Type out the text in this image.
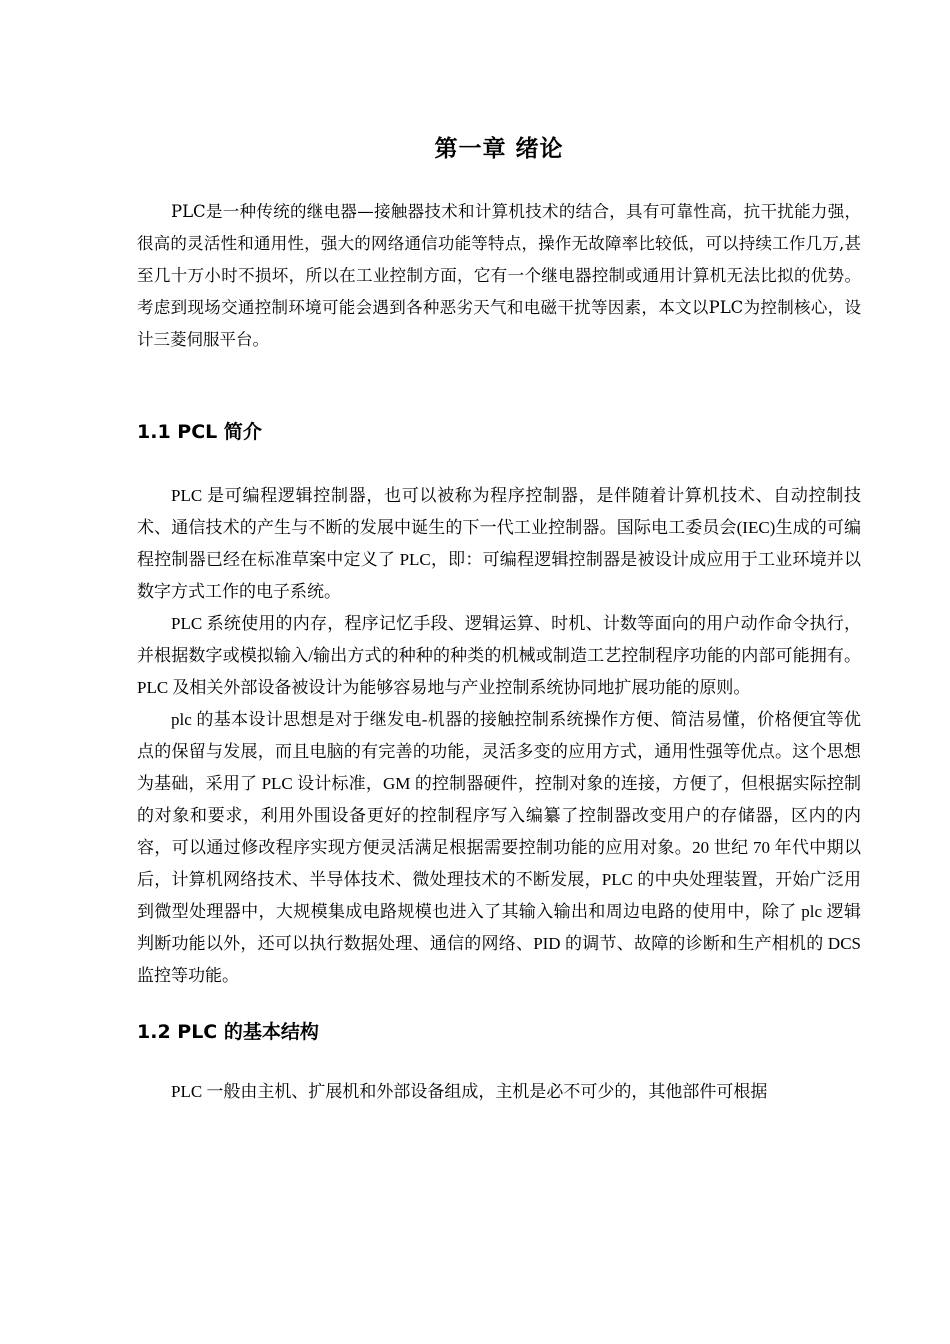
第一章 绪论

PLC是一种传统的继电器—接触器技术和计算机技术的结合，具有可靠性高，抗干扰能力强，很高的灵活性和通用性，强大的网络通信功能等特点，操作无故障率比较低，可以持续工作几万,甚至几十万小时不损坏，所以在工业控制方面，它有一个继电器控制或通用计算机无法比拟的优势。考虑到现场交通控制环境可能会遇到各种恶劣天气和电磁干扰等因素，本文以PLC为控制核心，设计三菱伺服平台。

1.1 PCL 简介

PLC 是可编程逻辑控制器，也可以被称为程序控制器，是伴随着计算机技术、自动控制技术、通信技术的产生与不断的发展中诞生的下一代工业控制器。国际电工委员会(IEC)生成的可编程控制器已经在标准草案中定义了 PLC，即：可编程逻辑控制器是被设计成应用于工业环境并以数字方式工作的电子系统。

PLC 系统使用的内存，程序记忆手段、逻辑运算、时机、计数等面向的用户动作命令执行，并根据数字或模拟输入/输出方式的种种的种类的机械或制造工艺控制程序功能的内部可能拥有。PLC 及相关外部设备被设计为能够容易地与产业控制系统协同地扩展功能的原则。

plc 的基本设计思想是对于继发电-机器的接触控制系统操作方便、简洁易懂，价格便宜等优点的保留与发展，而且电脑的有完善的功能，灵活多变的应用方式，通用性强等优点。这个思想为基础，采用了 PLC 设计标准，GM 的控制器硬件，控制对象的连接，方便了，但根据实际控制的对象和要求，利用外围设备更好的控制程序写入编纂了控制器改变用户的存储器，区内的内容，可以通过修改程序实现方便灵活满足根据需要控制功能的应用对象。20 世纪 70 年代中期以后，计算机网络技术、半导体技术、微处理技术的不断发展，PLC 的中央处理装置，开始广泛用到微型处理器中，大规模集成电路规模也进入了其输入输出和周边电路的使用中，除了 plc 逻辑判断功能以外，还可以执行数据处理、通信的网络、PID 的调节、故障的诊断和生产相机的 DCS 监控等功能。

1.2 PLC 的基本结构

PLC 一般由主机、扩展机和外部设备组成，主机是必不可少的，其他部件可根据
